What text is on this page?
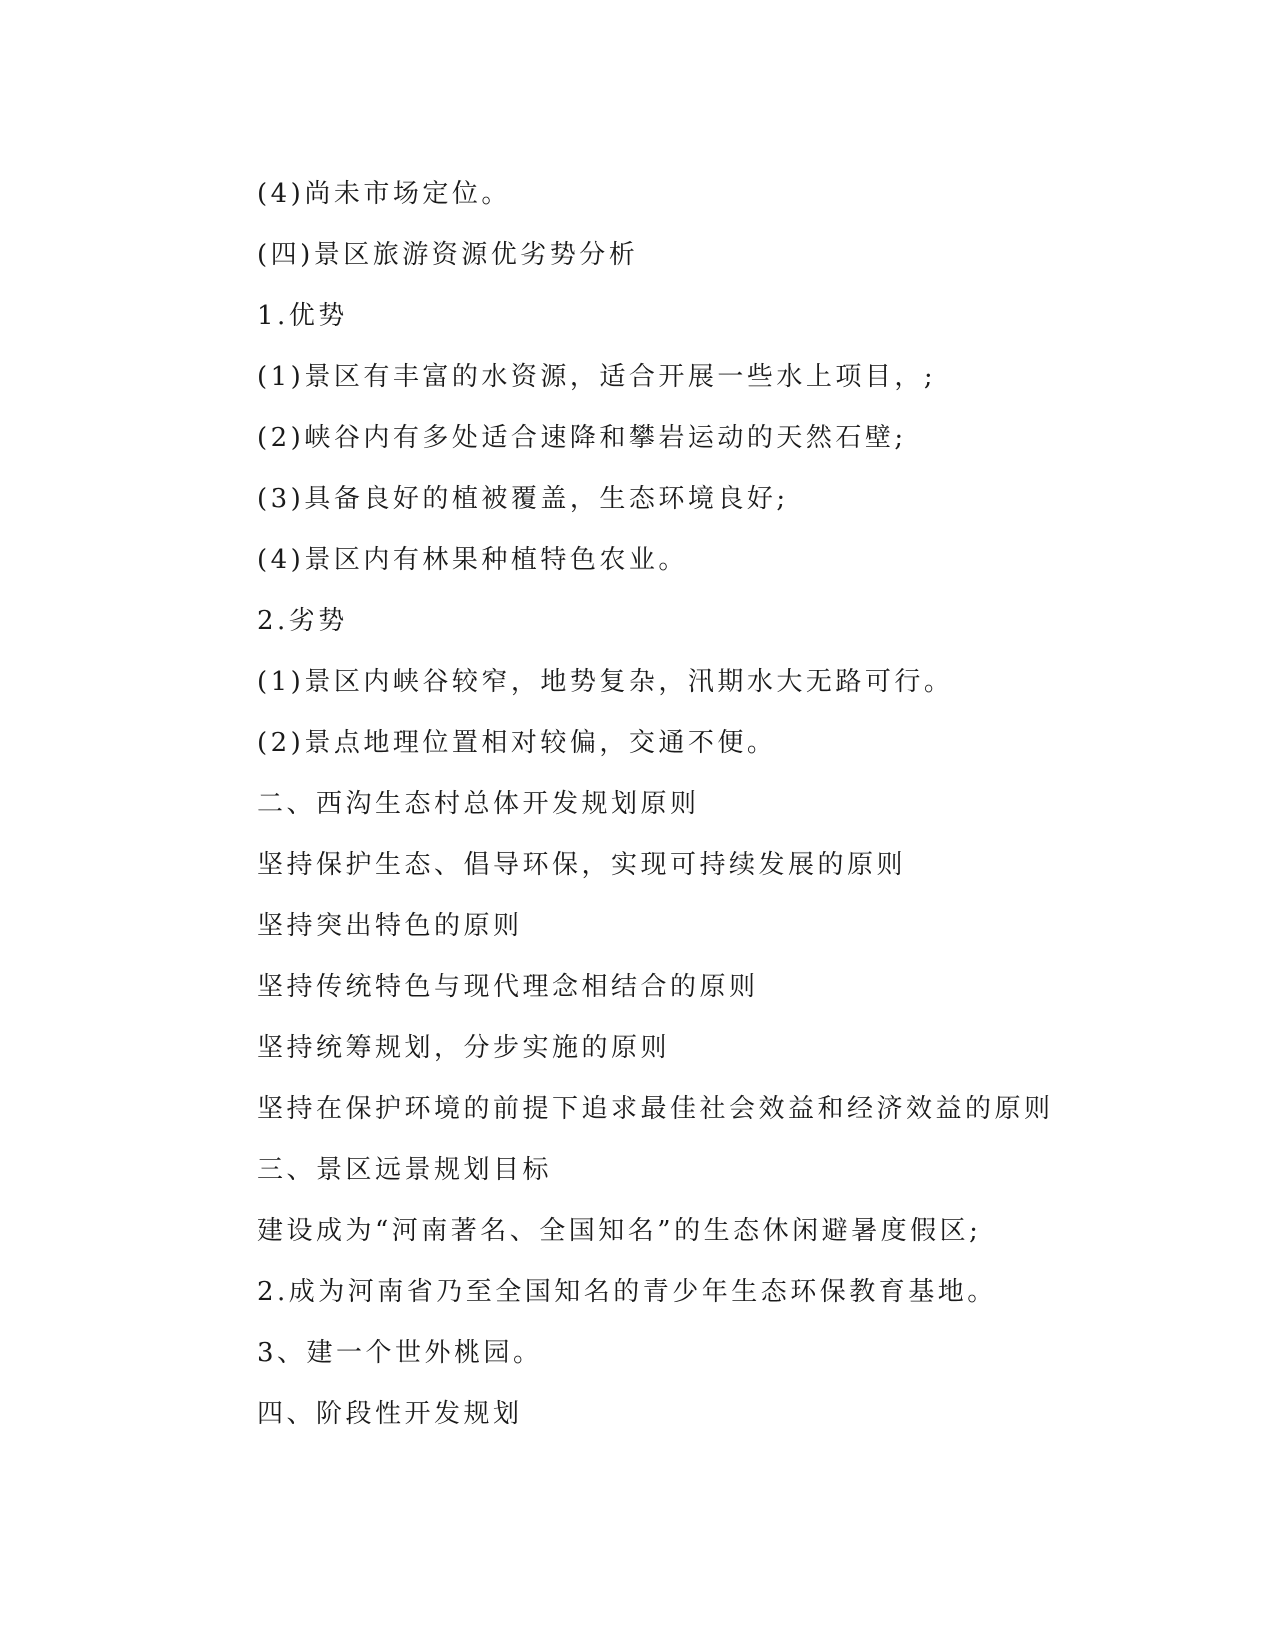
(4)尚未市场定位。

(四)景区旅游资源优劣势分析

1.优势

(1)景区有丰富的水资源，适合开展一些水上项目，;

(2)峡谷内有多处适合速降和攀岩运动的天然石壁;

(3)具备良好的植被覆盖，生态环境良好;

(4)景区内有林果种植特色农业。

2.劣势

(1)景区内峡谷较窄，地势复杂，汛期水大无路可行。

(2)景点地理位置相对较偏，交通不便。

二、西沟生态村总体开发规划原则

坚持保护生态、倡导环保，实现可持续发展的原则

坚持突出特色的原则

坚持传统特色与现代理念相结合的原则

坚持统筹规划，分步实施的原则

坚持在保护环境的前提下追求最佳社会效益和经济效益的原则

三、景区远景规划目标

建设成为“河南著名、全国知名”的生态休闲避暑度假区;

2.成为河南省乃至全国知名的青少年生态环保教育基地。

3、建一个世外桃园。

四、阶段性开发规划
